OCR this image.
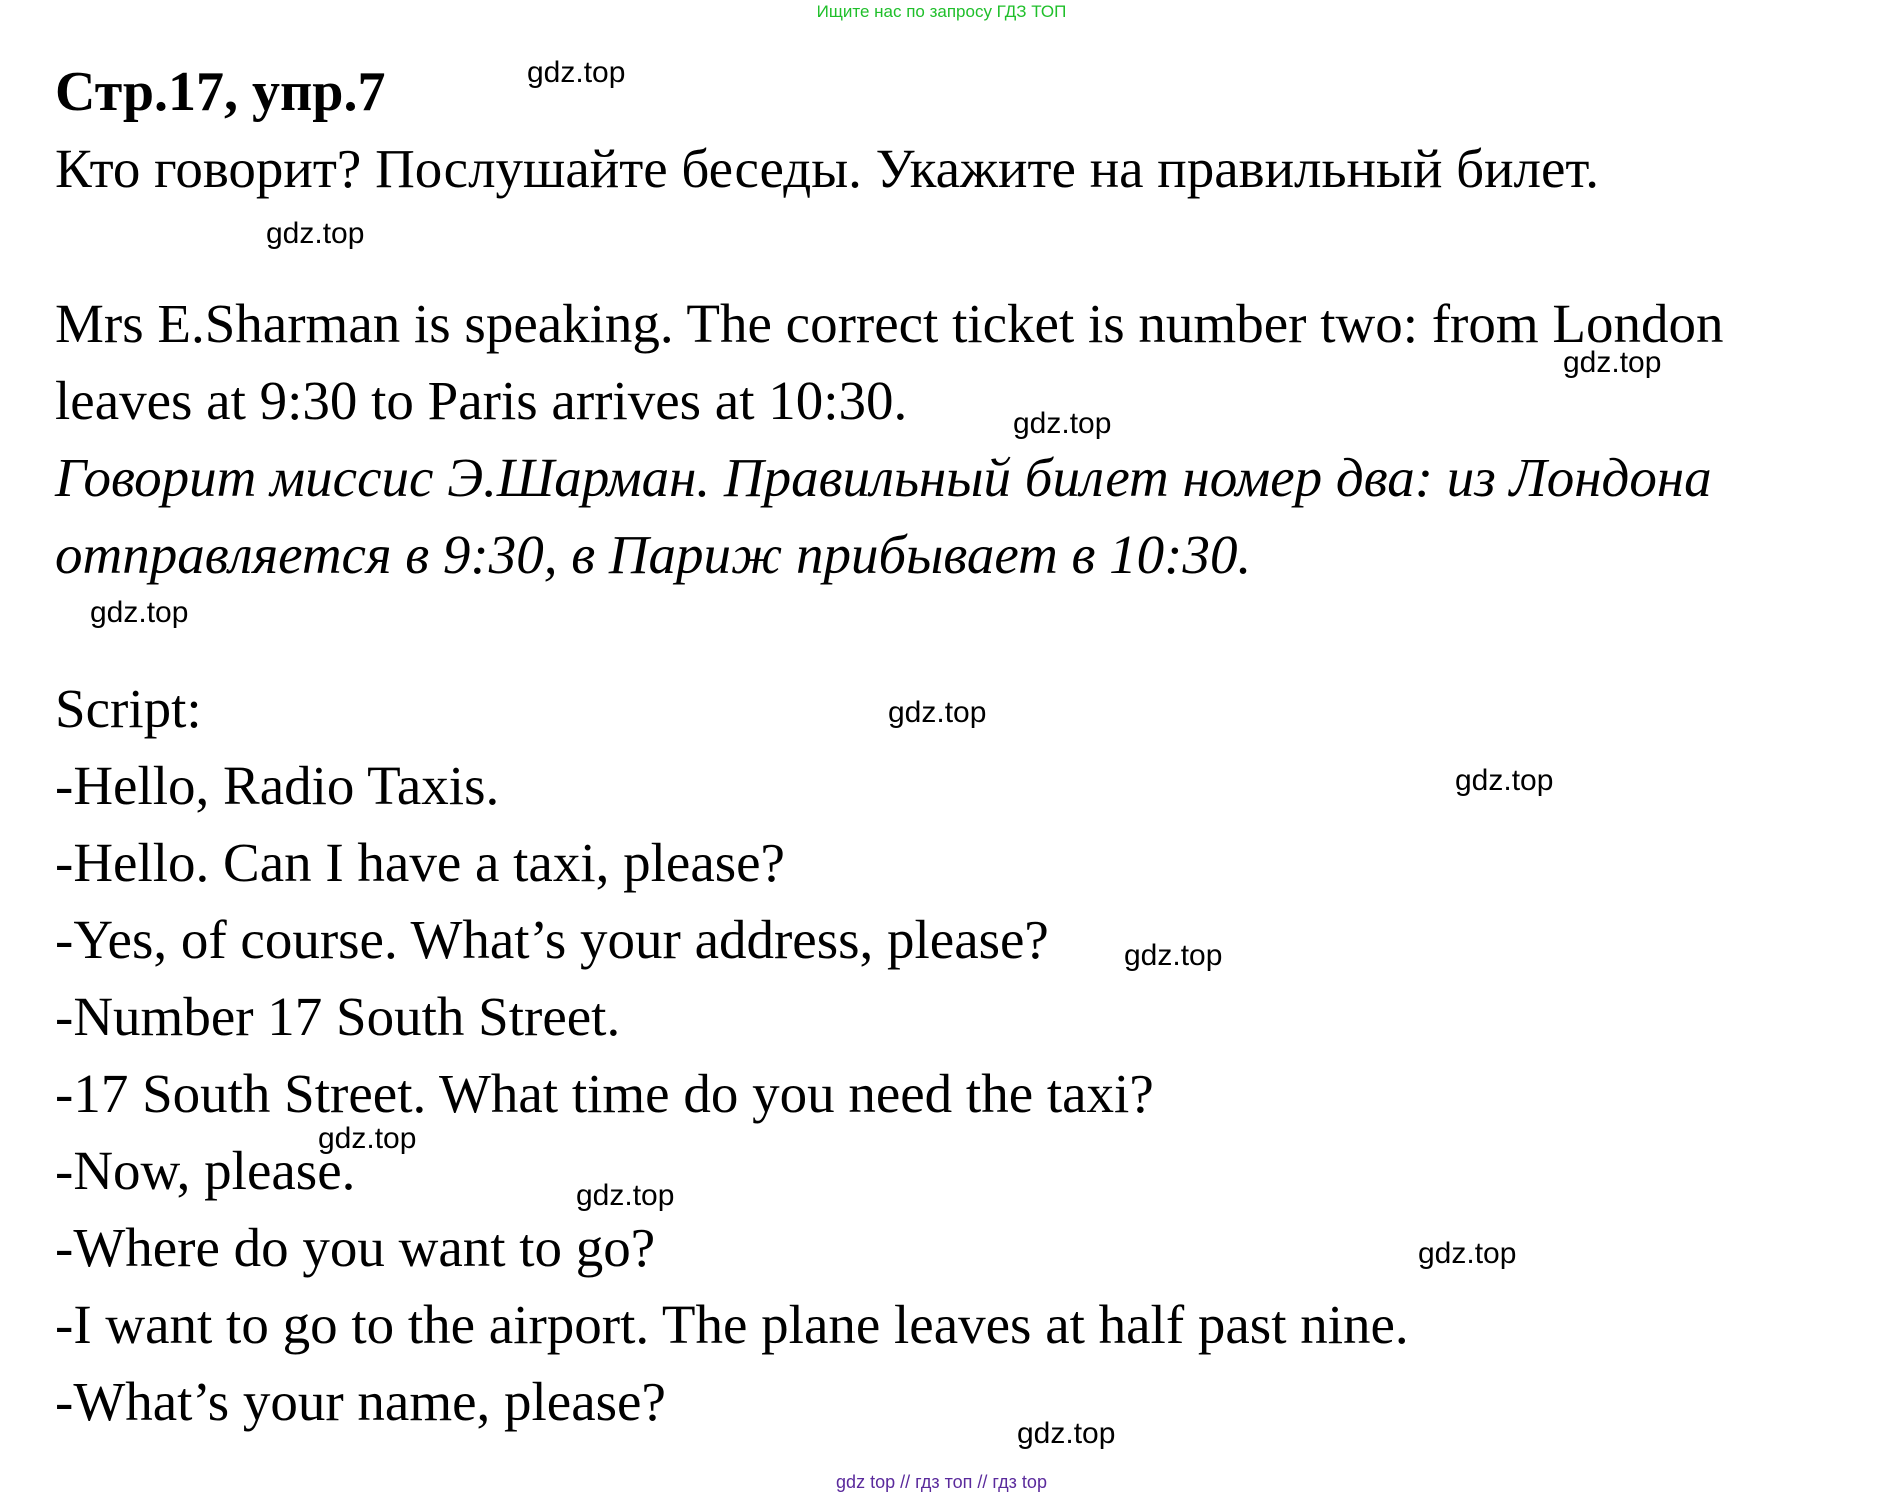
Ищите нас по запросу ГДЗ ТОП
Стр.17, упр.7

Кто говорит? Послушайте беседы. Укажите на правильный билет.

Mrs E.Sharman is speaking. The correct ticket is number two: from London

leaves at 9:30 to Paris arrives at 10:30.

Говорит миссис Э.Шарман. Правильный билет номер два: из Лондона

отправляется в 9:30, в Париж прибывает в 10:30.

Script:

-Hello, Radio Taxis.

-Hello. Can I have a taxi, please?

-Yes, of course. What’s your address, please?

-Number 17 South Street.

-17 South Street. What time do you need the taxi?

-Now, please.

-Where do you want to go?

-I want to go to the airport. The plane leaves at half past nine.

-What’s your name, please?

gdz.top
gdz.top
gdz.top
gdz.top
gdz.top
gdz.top
gdz.top
gdz.top
gdz.top
gdz.top
gdz.top
gdz.top
gdz top // гдз топ // гдз top
